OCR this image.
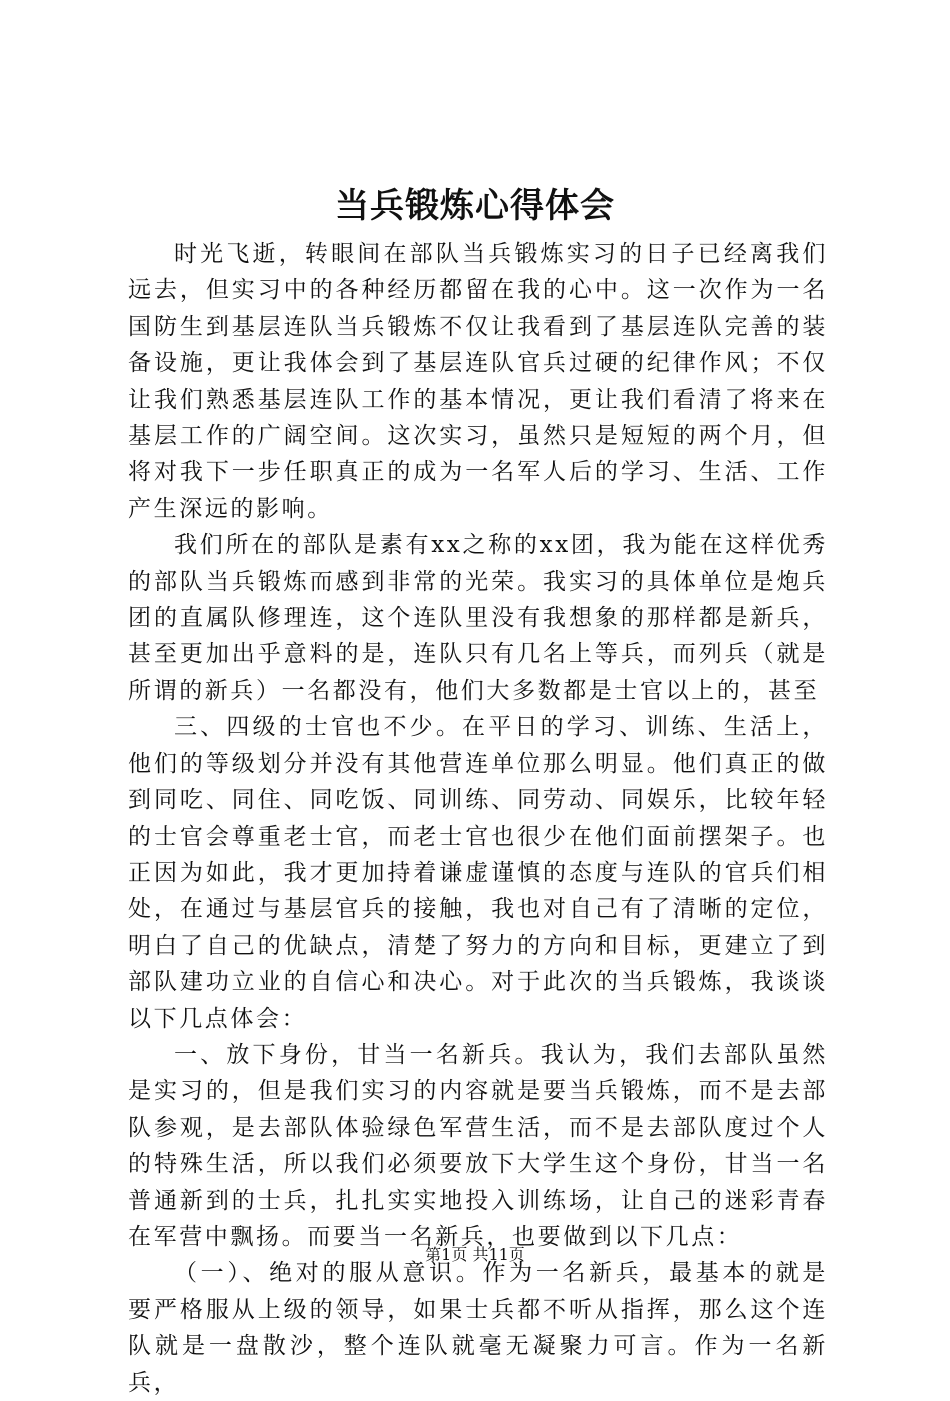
当兵锻炼心得体会

时光飞逝，转眼间在部队当兵锻炼实习的日子已经离我们远去，但实习中的各种经历都留在我的心中。这一次作为一名国防生到基层连队当兵锻炼不仅让我看到了基层连队完善的装备设施，更让我体会到了基层连队官兵过硬的纪律作风；不仅让我们熟悉基层连队工作的基本情况，更让我们看清了将来在基层工作的广阔空间。这次实习，虽然只是短短的两个月，但将对我下一步任职真正的成为一名军人后的学习、生活、工作产生深远的影响。

我们所在的部队是素有xx之称的xx团，我为能在这样优秀的部队当兵锻炼而感到非常的光荣。我实习的具体单位是炮兵团的直属队修理连，这个连队里没有我想象的那样都是新兵，甚至更加出乎意料的是，连队只有几名上等兵，而列兵（就是所谓的新兵）一名都没有，他们大多数都是士官以上的，甚至

三、四级的士官也不少。在平日的学习、训练、生活上，他们的等级划分并没有其他营连单位那么明显。他们真正的做到同吃、同住、同吃饭、同训练、同劳动、同娱乐，比较年轻的士官会尊重老士官，而老士官也很少在他们面前摆架子。也正因为如此，我才更加持着谦虚谨慎的态度与连队的官兵们相处，在通过与基层官兵的接触，我也对自己有了清晰的定位，明白了自己的优缺点，清楚了努力的方向和目标，更建立了到部队建功立业的自信心和决心。对于此次的当兵锻炼，我谈谈以下几点体会：

一、放下身份，甘当一名新兵。我认为，我们去部队虽然是实习的，但是我们实习的内容就是要当兵锻炼，而不是去部队参观，是去部队体验绿色军营生活，而不是去部队度过个人的特殊生活，所以我们必须要放下大学生这个身份，甘当一名普通新到的士兵，扎扎实实地投入训练场，让自己的迷彩青春在军营中飘扬。而要当一名新兵，也要做到以下几点：

（一）、绝对的服从意识。作为一名新兵，最基本的就是要严格服从上级的领导，如果士兵都不听从指挥，那么这个连队就是一盘散沙，整个连队就毫无凝聚力可言。作为一名新兵，

第1页 共11页
